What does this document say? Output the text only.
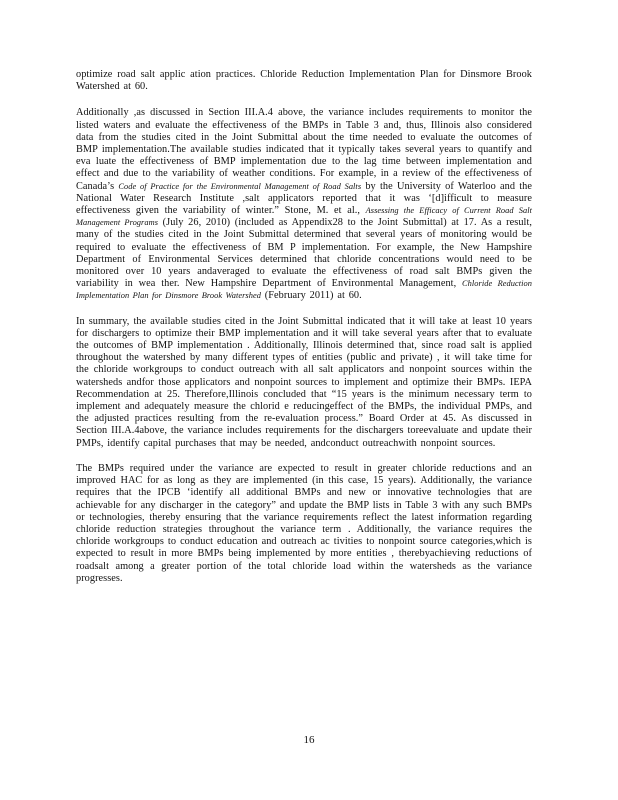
optimize road salt applic ation practices. Chloride Reduction Implementation Plan for Dinsmore Brook Watershed at 60.

Additionally ,as discussed in Section III.A.4 above, the variance includes requirements to monitor the listed waters and evaluate the effectiveness of the BMPs in Table 3 and, thus, Illinois also considered data from the studies cited in the Joint Submittal about the time needed to evaluate the outcomes of BMP implementation.The available studies indicated that it typically takes several years to quantify and eva luate the effectiveness of BMP implementation due to the lag time between implementation and effect and due to the variability of weather conditions. For example, in a review of the effectiveness of Canada’s Code of Practice for the Environmental Management of Road Salts by the University of Waterloo and the National Water Research Institute ,salt applicators reported that it was ‘[d]ifficult to measure effectiveness given the variability of winter.” Stone, M. et al., Assessing the Efficacy of Current Road Salt Management Programs (July 26, 2010) (included as Appendix28 to the Joint Submittal) at 17. As a result, many of the studies cited in the Joint Submittal determined that several years of monitoring would be required to evaluate the effectiveness of BM P implementation. For example, the New Hampshire Department of Environmental Services determined that chloride concentrations would need to be monitored over 10 years andaveraged to evaluate the effectiveness of road salt BMPs given the variability in wea ther. New Hampshire Department of Environmental Management, Chloride Reduction Implementation Plan for Dinsmore Brook Watershed (February 2011) at 60.

In summary, the available studies cited in the Joint Submittal indicated that it will take at least 10 years for dischargers to optimize their BMP implementation and it will take several years after that to evaluate the outcomes of BMP implementation . Additionally, Illinois determined that, since road salt is applied throughout the watershed by many different types of entities (public and private) , it will take time for the chloride workgroups to conduct outreach with all salt applicators and nonpoint sources within the watersheds andfor those applicators and nonpoint sources to implement and optimize their BMPs. IEPA Recommendation at 25. Therefore,Illinois concluded that “15 years is the minimum necessary term to implement and adequately measure the chlorid e reducingeffect of the BMPs, the individual PMPs, and the adjusted practices resulting from the re-evaluation process.” Board Order at 45. As discussed in Section III.A.4above, the variance includes requirements for the dischargers toreevaluate and update their PMPs, identify capital purchases that may be needed, andconduct outreachwith nonpoint sources.

The BMPs required under the variance are expected to result in greater chloride reductions and an improved HAC for as long as they are implemented (in this case, 15 years). Additionally, the variance requires that the IPCB ‘identify all additional BMPs and new or innovative technologies that are achievable for any discharger in the category” and update the BMP lists in Table 3 with any such BMPs or technologies, thereby ensuring that the variance requirements reflect the latest information regarding chloride reduction strategies throughout the variance term . Additionally, the variance requires the chloride workgroups to conduct education and outreach ac tivities to nonpoint source categories,which is expected to result in more BMPs being implemented by more entities , therebyachieving reductions of roadsalt among a greater portion of the total chloride load within the watersheds as the variance progresses.

16
